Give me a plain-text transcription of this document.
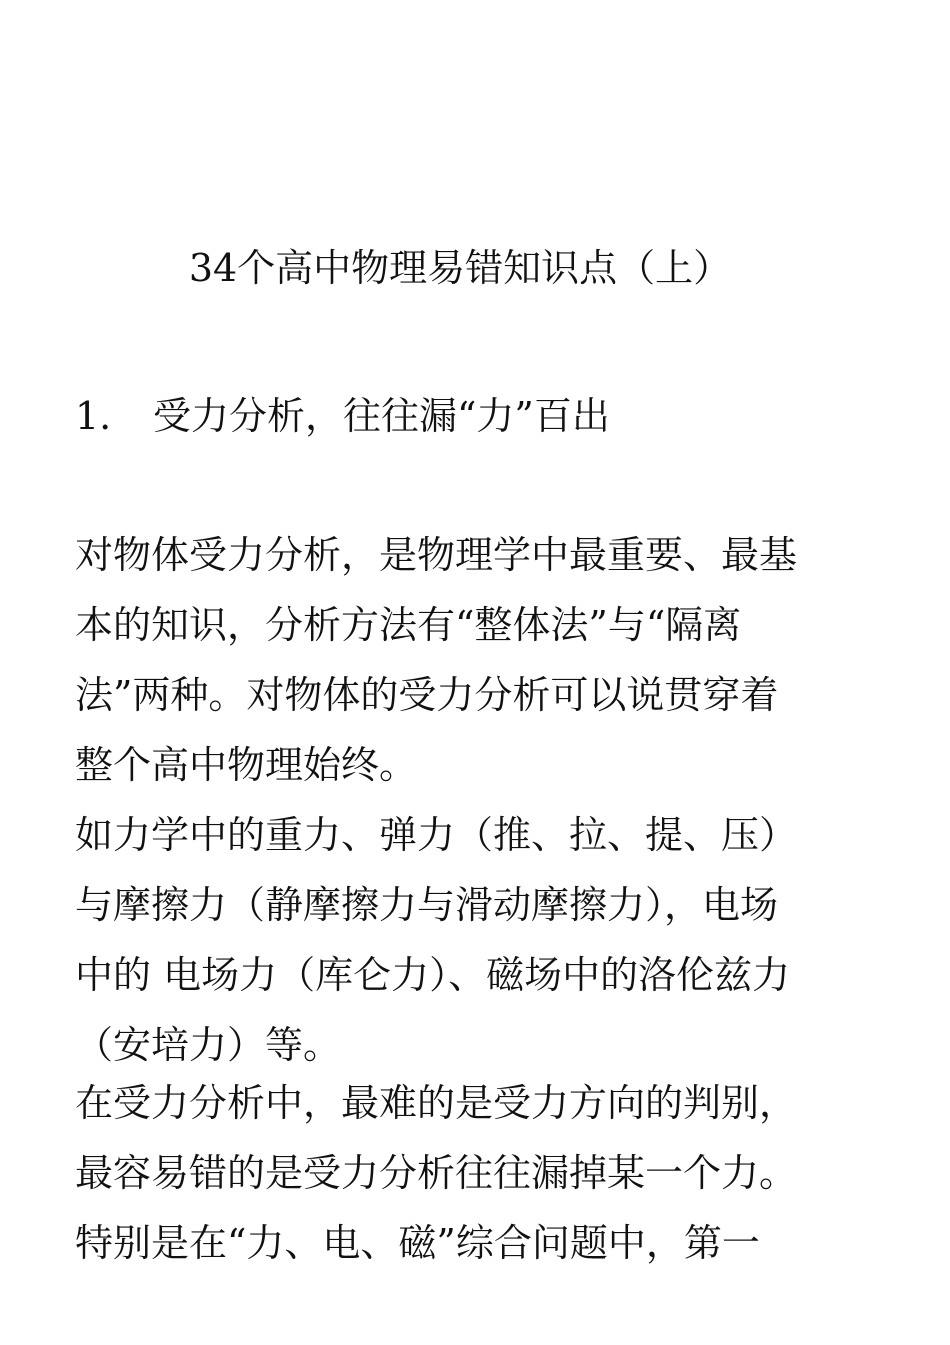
34个高中物理易错知识点（上）
1. 受力分析，往往漏“力”百出
对物体受力分析，是物理学中最重要、最基
本的知识，分析方法有“整体法”与“隔离
法”两种。对物体的受力分析可以说贯穿着
整个高中物理始终。
如力学中的重力、弹力（推、拉、提、压）
与摩擦力（静摩擦力与滑动摩擦力），电场
中的 电场力（库仑力）、磁场中的洛伦兹力
（安培力）等。
在受力分析中，最难的是受力方向的判别，
最容易错的是受力分析往往漏掉某一个力。
特别是在“力、电、磁”综合问题中，第一
